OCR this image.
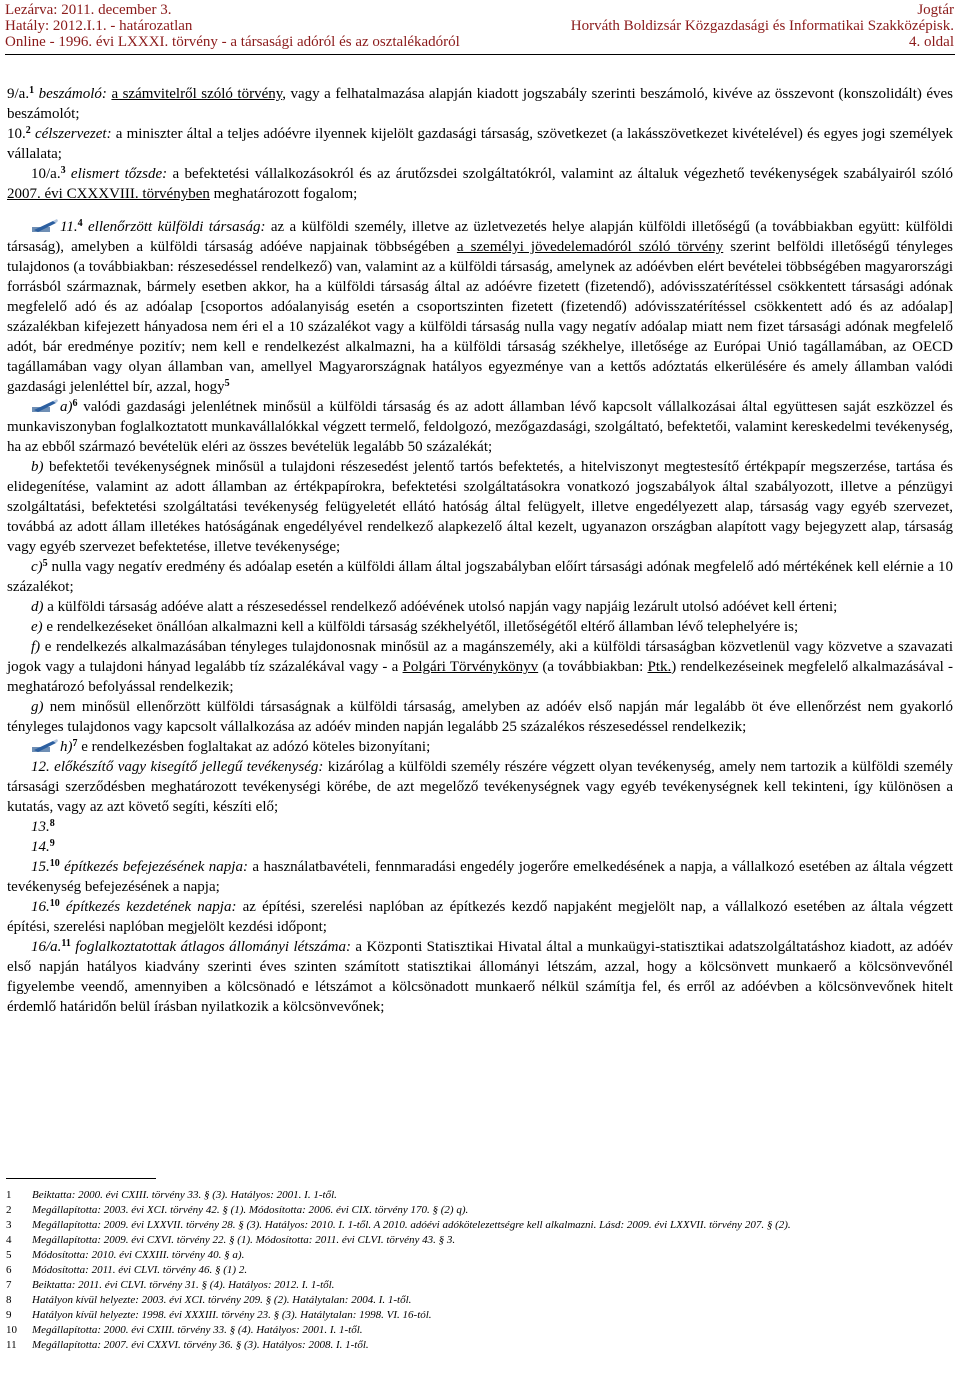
Lezárva: 2011. december 3.
Hatály: 2012.I.1. - határozatlan
Online - 1996. évi LXXXI. törvény - a társasági adóról és az osztalékadóról
Jogtár
Horváth Boldizsár Közgazdasági és Informatikai Szakközépisk.
4. oldal

9/a.$^1$ beszámoló: a számvitelről szóló törvény, vagy a felhatalmazása alapján kiadott jogszabály szerinti beszámoló, kivéve az összevont (konszolidált) éves beszámolót;

10.$^2$ célszervezet: a miniszter által a teljes adóévre ilyennek kijelölt gazdasági társaság, szövetkezet (a lakásszövetkezet kivételével) és egyes jogi személyek vállalata;

10/a.$^3$ elismert tőzsde: a befektetési vállalkozásokról és az árutőzsdei szolgáltatókról, valamint az általuk végezhető tevékenységek szabályairól szóló 2007. évi CXXXVIII. törvényben meghatározott fogalom;

11.$^4$ ellenőrzött külföldi társaság: az a külföldi személy, illetve az üzletvezetés helye alapján külföldi illetőségű (a továbbiakban együtt: külföldi társaság), amelyben a külföldi társaság adóéve napjainak többségében a személyi jövedelemadóról szóló törvény szerint belföldi illetőségű tényleges tulajdonos (a továbbiakban: részesedéssel rendelkező) van, valamint az a külföldi társaság, amelynek az adóévben elért bevételei többségében magyarországi forrásból származnak, bármely esetben akkor, ha a külföldi társaság által az adóévre fizetett (fizetendő), adóvisszatérítéssel csökkentett társasági adónak megfelelő adó és az adóalap [csoportos adóalanyiság esetén a csoportszinten fizetett (fizetendő) adóvisszatérítéssel csökkentett adó és az adóalap] százalékban kifejezett hányadosa nem éri el a 10 százalékot vagy a külföldi társaság nulla vagy negatív adóalap miatt nem fizet társasági adónak megfelelő adót, bár eredménye pozitív; nem kell e rendelkezést alkalmazni, ha a külföldi társaság székhelye, illetősége az Európai Unió tagállamában, az OECD tagállamában vagy olyan államban van, amellyel Magyarországnak hatályos egyezménye van a kettős adóztatás elkerülésére és amely államban valódi gazdasági jelenléttel bír, azzal, hogy$^5$

a)$^6$ valódi gazdasági jelenlétnek minősül a külföldi társaság és az adott államban lévő kapcsolt vállalkozásai által együttesen saját eszközzel és munkaviszonyban foglalkoztatott munkavállalókkal végzett termelő, feldolgozó, mezőgazdasági, szolgáltató, befektetői, valamint kereskedelmi tevékenység, ha az ebből származó bevételük eléri az összes bevételük legalább 50 százalékát;

b) befektetői tevékenységnek minősül a tulajdoni részesedést jelentő tartós befektetés, a hitelviszonyt megtestesítő értékpapír megszerzése, tartása és elidegenítése, valamint az adott államban az értékpapírokra, befektetési szolgáltatásokra vonatkozó jogszabályok által szabályozott, illetve a pénzügyi szolgáltatási, befektetési szolgáltatási tevékenység felügyeletét ellátó hatóság által felügyelt, illetve engedélyezett alap, társaság vagy egyéb szervezet, továbbá az adott állam illetékes hatóságának engedélyével rendelkező alapkezelő által kezelt, ugyanazon országban alapított vagy bejegyzett alap, társaság vagy egyéb szervezet befektetése, illetve tevékenysége;

c)$^5$ nulla vagy negatív eredmény és adóalap esetén a külföldi állam által jogszabályban előírt társasági adónak megfelelő adó mértékének kell elérnie a 10 százalékot;

d) a külföldi társaság adóéve alatt a részesedéssel rendelkező adóévének utolsó napján vagy napjáig lezárult utolsó adóévet kell érteni;

e) e rendelkezéseket önállóan alkalmazni kell a külföldi társaság székhelyétől, illetőségétől eltérő államban lévő telephelyére is;

f) e rendelkezés alkalmazásában tényleges tulajdonosnak minősül az a magánszemély, aki a külföldi társaságban közvetlenül vagy közvetve a szavazati jogok vagy a tulajdoni hányad legalább tíz százalékával vagy - a Polgári Törvénykönyv (a továbbiakban: Ptk.) rendelkezéseinek megfelelő alkalmazásával - meghatározó befolyással rendelkezik;

g) nem minősül ellenőrzött külföldi társaságnak a külföldi társaság, amelyben az adóév első napján már legalább öt éve ellenőrzést nem gyakorló tényleges tulajdonos vagy kapcsolt vállalkozása az adóév minden napján legalább 25 százalékos részesedéssel rendelkezik;

h)$^7$ e rendelkezésben foglaltakat az adózó köteles bizonyítani;

12. előkészítő vagy kisegítő jellegű tevékenység: kizárólag a külföldi személy részére végzett olyan tevékenység, amely nem tartozik a külföldi személy társasági szerződésben meghatározott tevékenységi körébe, de azt megelőző tevékenységnek vagy egyéb tevékenységnek kell tekinteni, így különösen a kutatás, vagy az azt követő segíti, készíti elő;

13.$^8$

14.$^9$

15.10 építkezés befejezésének napja: a használatbavételi, fennmaradási engedély jogerőre emelkedésének a napja, a vállalkozó esetében az általa végzett tevékenység befejezésének a napja;

16.10 építkezés kezdetének napja: az építési, szerelési naplóban az építkezés kezdő napjaként megjelölt nap, a vállalkozó esetében az általa végzett építési, szerelési naplóban megjelölt kezdési időpont;

16/a.$^{11}$ foglalkoztatottak átlagos állományi létszáma: a Központi Statisztikai Hivatal által a munkaügyi-statisztikai adatszolgáltatáshoz kiadott, az adóév első napján hatályos kiadvány szerinti éves szinten számított statisztikai állományi létszám, azzal, hogy a kölcsönvett munkaerő a kölcsönvevőnél figyelembe veendő, amennyiben a kölcsönadó e létszámot a kölcsönadott munkaerő nélkül számítja fel, és erről az adóévben a kölcsönvevőnek hitelt érdemlő határidőn belül írásban nyilatkozik a kölcsönvevőnek;

1 Beiktatta: 2000. évi CXIII. törvény 33. § (3). Hatályos: 2001. I. 1-től.

2 Megállapította: 2003. évi XCI. törvény 42. § (1). Módosította: 2006. évi CIX. törvény 170. § (2) q).

3 Megállapította: 2009. évi LXXVII. törvény 28. § (3). Hatályos: 2010. I. 1-től. A 2010. adóévi adókötelezettségre kell alkalmazni. Lásd: 2009. évi LXXVII. törvény 207. § (2).

4 Megállapította: 2009. évi CXVI. törvény 22. § (1). Módosította: 2011. évi CLVI. törvény 43. § 3.

5 Módosította: 2010. évi CXXIII. törvény 40. § a).

6 Módosította: 2011. évi CLVI. törvény 46. § (1) 2.

7 Beiktatta: 2011. évi CLVI. törvény 31. § (4). Hatályos: 2012. I. 1-től.

8 Hatályon kívül helyezte: 2003. évi XCI. törvény 209. § (2). Hatálytalan: 2004. I. 1-től.

9 Hatályon kívül helyezte: 1998. évi XXXIII. törvény 23. § (3). Hatálytalan: 1998. VI. 16-tól.

10 Megállapította: 2000. évi CXIII. törvény 33. § (4). Hatályos: 2001. I. 1-től.

11 Megállapította: 2007. évi CXXVI. törvény 36. § (3). Hatályos: 2008. I. 1-től.
